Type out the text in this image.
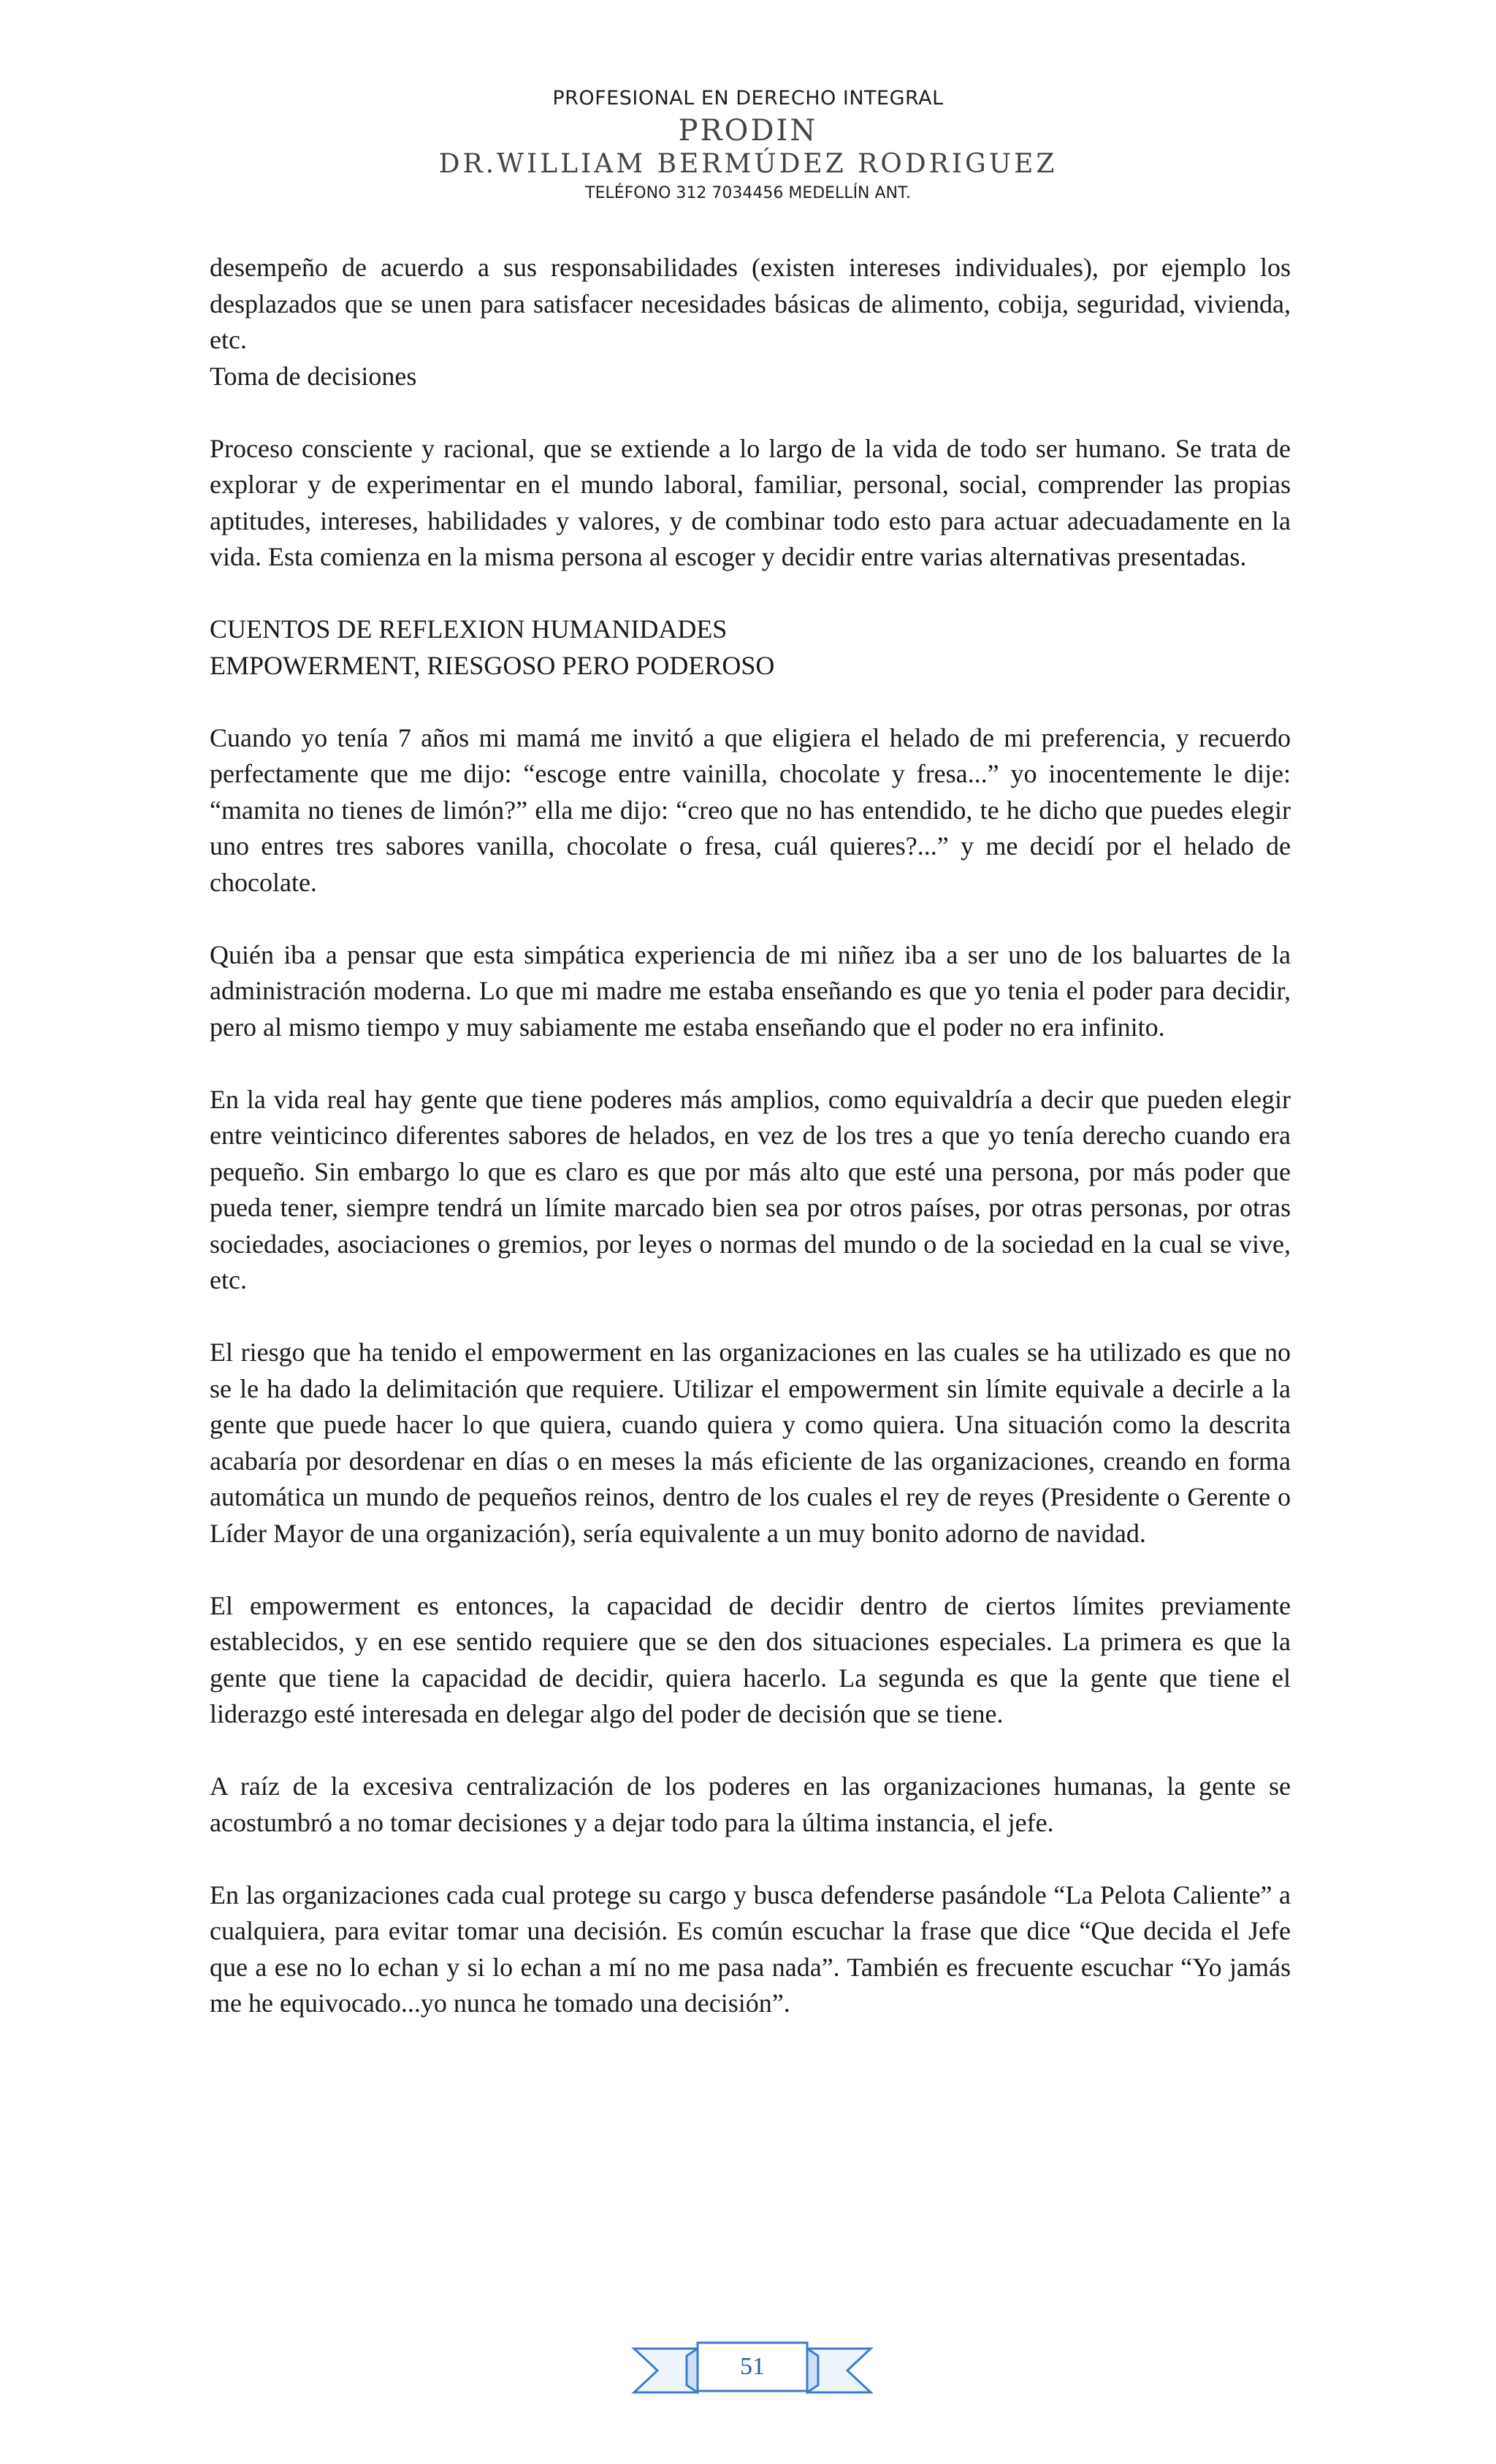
PROFESIONAL EN DERECHO INTEGRAL
PRODIN
DR.WILLIAM BERMÚDEZ RODRIGUEZ
TELÉFONO 312 7034456 MEDELLÍN ANT.

desempeño de acuerdo a sus responsabilidades (existen intereses individuales), por ejemplo los desplazados que se unen para satisfacer necesidades básicas de alimento, cobija, seguridad, vivienda, etc.

Toma de decisiones

Proceso consciente y racional, que se extiende a lo largo de la vida de todo ser humano. Se trata de explorar y de experimentar en el mundo laboral, familiar, personal, social, comprender las propias aptitudes, intereses, habilidades y valores, y de combinar todo esto para actuar adecuadamente en la vida. Esta comienza en la misma persona al escoger y decidir entre varias alternativas presentadas.

CUENTOS DE REFLEXION HUMANIDADES

EMPOWERMENT, RIESGOSO PERO PODEROSO

Cuando yo tenía 7 años mi mamá me invitó a que eligiera el helado de mi preferencia, y recuerdo perfectamente que me dijo: “escoge entre vainilla, chocolate y fresa...” yo inocentemente le dije: “mamita no tienes de limón?” ella me dijo: “creo que no has entendido, te he dicho que puedes elegir uno entres tres sabores vanilla, chocolate o fresa, cuál quieres?...” y me decidí por el helado de chocolate.

Quién iba a pensar que esta simpática experiencia de mi niñez iba a ser uno de los baluartes de la administración moderna. Lo que mi madre me estaba enseñando es que yo tenia el poder para decidir, pero al mismo tiempo y muy sabiamente me estaba enseñando que el poder no era infinito.

En la vida real hay gente que tiene poderes más amplios, como equivaldría a decir que pueden elegir entre veinticinco diferentes sabores de helados, en vez de los tres a que yo tenía derecho cuando era pequeño. Sin embargo lo que es claro es que por más alto que esté una persona, por más poder que pueda tener, siempre tendrá un límite marcado bien sea por otros países, por otras personas, por otras sociedades, asociaciones o gremios, por leyes o normas del mundo o de la sociedad en la cual se vive, etc.

El riesgo que ha tenido el empowerment en las organizaciones en las cuales se ha utilizado es que no se le ha dado la delimitación que requiere. Utilizar el empowerment sin límite equivale a decirle a la gente que puede hacer lo que quiera, cuando quiera y como quiera. Una situación como la descrita acabaría por desordenar en días o en meses la más eficiente de las organizaciones, creando en forma automática un mundo de pequeños reinos, dentro de los cuales el rey de reyes (Presidente o Gerente o Líder Mayor de una organización), sería equivalente a un muy bonito adorno de navidad.

El empowerment es entonces, la capacidad de decidir dentro de ciertos límites previamente establecidos, y en ese sentido requiere que se den dos situaciones especiales. La primera es que la gente que tiene la capacidad de decidir, quiera hacerlo. La segunda es que la gente que tiene el liderazgo esté interesada en delegar algo del poder de decisión que se tiene.

A raíz de la excesiva centralización de los poderes en las organizaciones humanas, la gente se acostumbró a no tomar decisiones y a dejar todo para la última instancia, el jefe.

En las organizaciones cada cual protege su cargo y busca defenderse pasándole “La Pelota Caliente” a cualquiera, para evitar tomar una decisión. Es común escuchar la frase que dice “Que decida el Jefe que a ese no lo echan y si lo echan a mí no me pasa nada”. También es frecuente escuchar “Yo jamás me he equivocado...yo nunca he tomado una decisión”.

51
